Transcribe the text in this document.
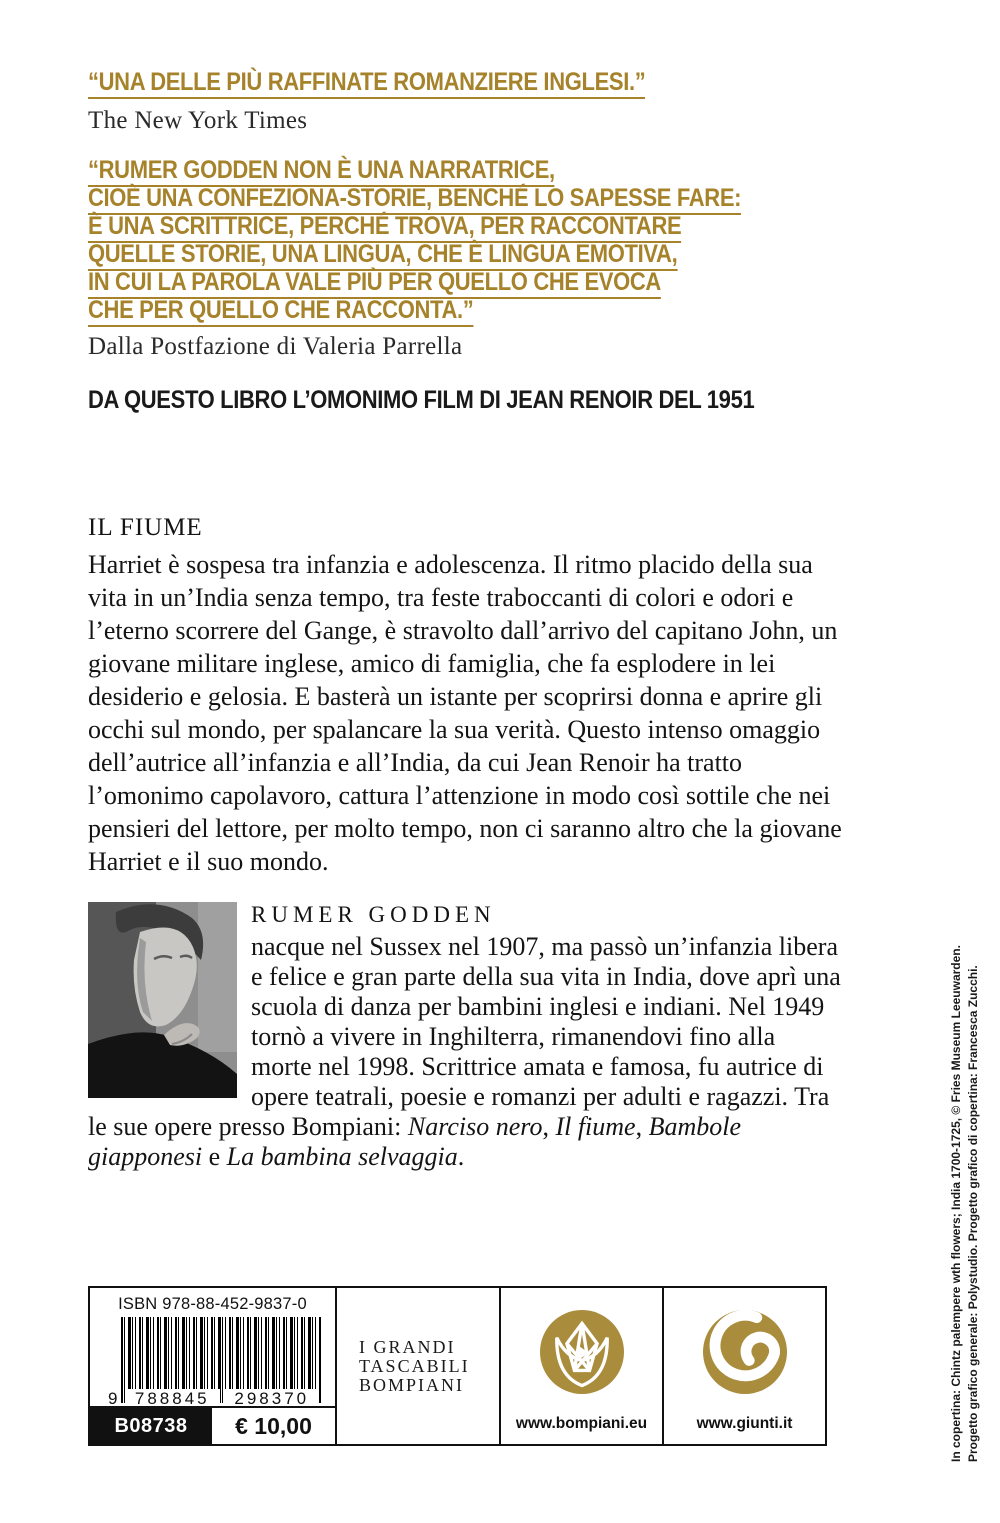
“UNA DELLE PIÙ RAFFINATE ROMANZIERE INGLESI.”
The New York Times
“RUMER GODDEN NON È UNA NARRATRICE,
CIOÈ UNA CONFEZIONA-STORIE, BENCHÉ LO SAPESSE FARE:
È UNA SCRITTRICE, PERCHÉ TROVA, PER RACCONTARE
QUELLE STORIE, UNA LINGUA, CHE È LINGUA EMOTIVA,
IN CUI LA PAROLA VALE PIÙ PER QUELLO CHE EVOCA
CHE PER QUELLO CHE RACCONTA.”
Dalla Postfazione di Valeria Parrella
DA QUESTO LIBRO L’OMONIMO FILM DI JEAN RENOIR DEL 1951
IL FIUME
Harriet è sospesa tra infanzia e adolescenza. Il ritmo placido della sua vita in un’India senza tempo, tra feste traboccanti di colori e odori e l’eterno scorrere del Gange, è stravolto dall’arrivo del capitano John, un giovane militare inglese, amico di famiglia, che fa esplodere in lei desiderio e gelosia. E basterà un istante per scoprirsi donna e aprire gli occhi sul mondo, per spalancare la sua verità. Questo intenso omaggio dell’autrice all’infanzia e all’India, da cui Jean Renoir ha tratto l’omonimo capolavoro, cattura l’attenzione in modo così sottile che nei pensieri del lettore, per molto tempo, non ci saranno altro che la giovane Harriet e il suo mondo.
RUMER GODDEN
nacque nel Sussex nel 1907, ma passò un’infanzia libera e felice e gran parte della sua vita in India, dove aprì una scuola di danza per bambini inglesi e indiani. Nel 1949 tornò a vivere in Inghilterra, rimanendovi fino alla morte nel 1998. Scrittrice amata e famosa, fu autrice di opere teatrali, poesie e romanzi per adulti e ragazzi. Tra le sue opere presso Bompiani: Narciso nero, Il fiume, Bambole giapponesi e La bambina selvaggia.	In copertina: Chintz palempere wth flowers; India 1700-1725, © Fries Museum Leeuwarden. Progetto grafico generale: Polystudio. Progetto grafico di copertina: Francesca Zucchi.
ISBN 978-88-452-9837-0
9	788845	298370
B08738	€ 10,00
I GRANDI
TASCABILI
BOMPIANI
www.bompiani.eu	www.giunti.it
